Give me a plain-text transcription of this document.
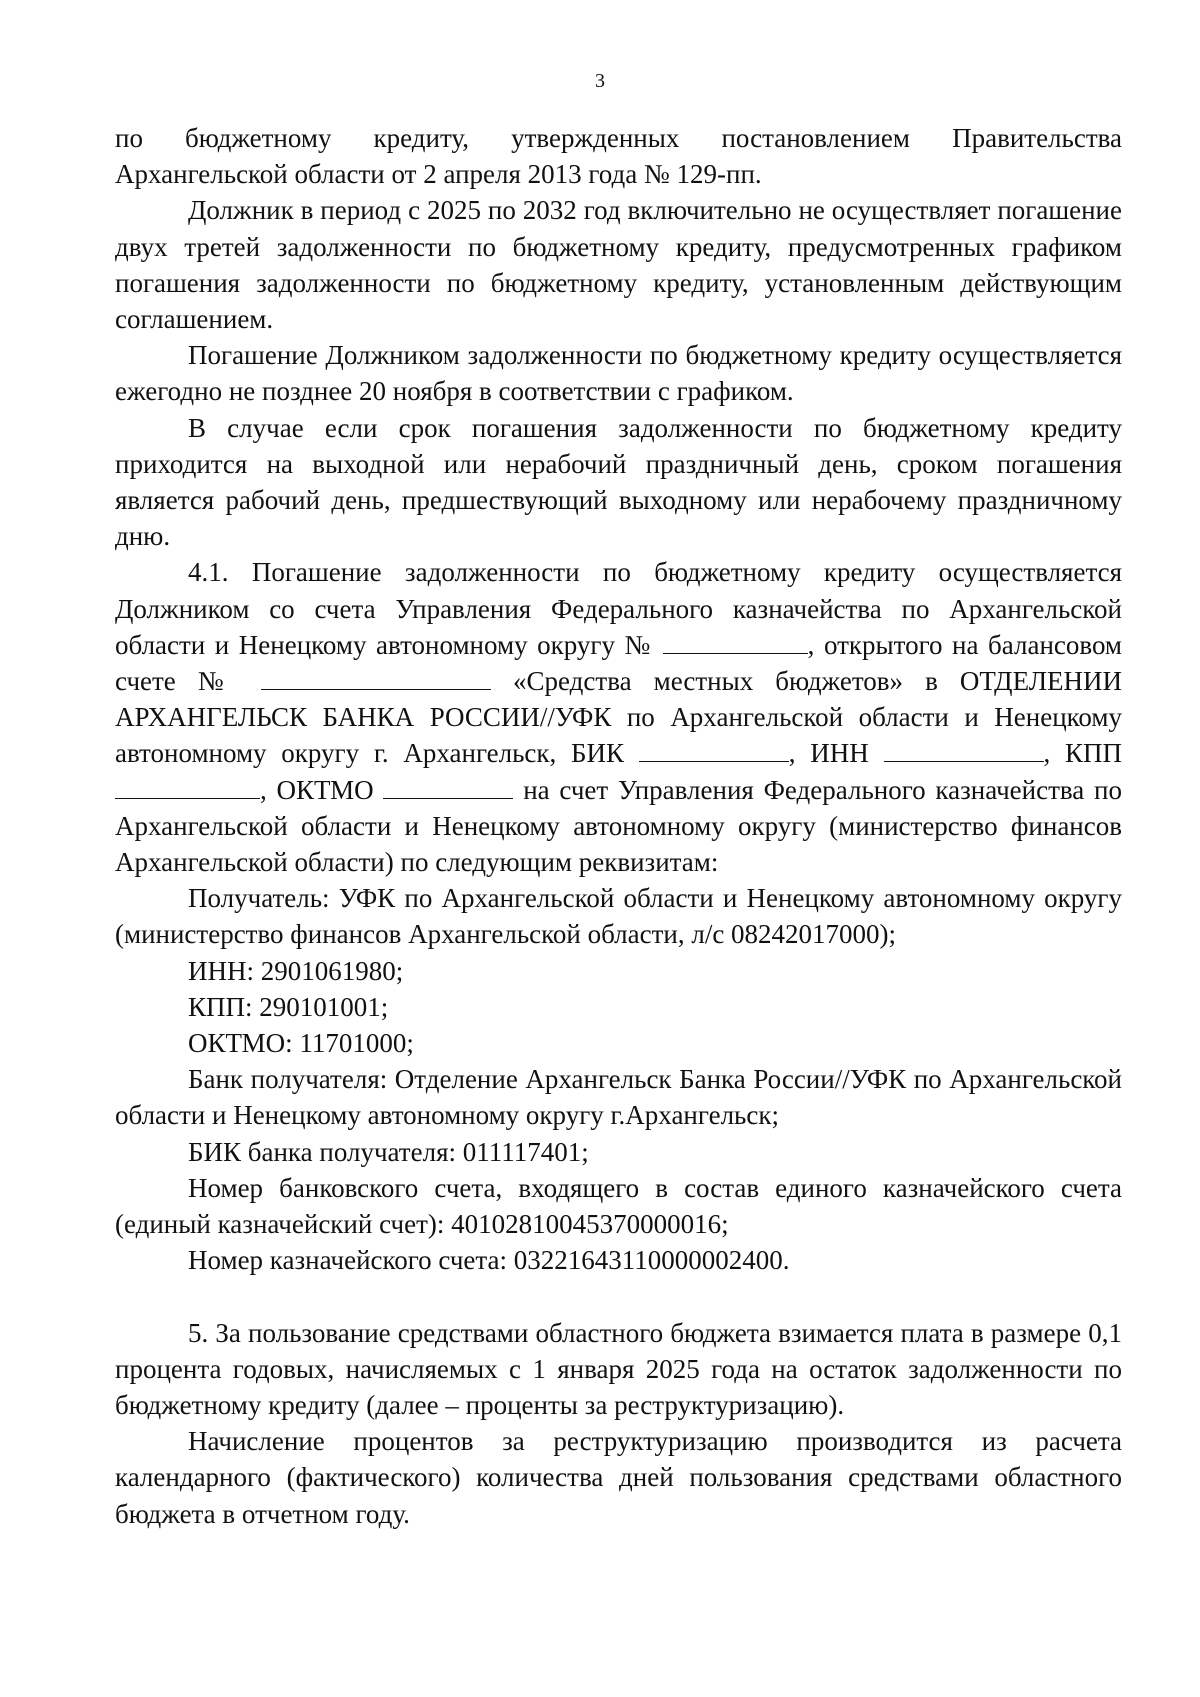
3

по бюджетному кредиту, утвержденных постановлением Правительства Архангельской области от 2 апреля 2013 года № 129-пп.

Должник в период с 2025 по 2032 год включительно не осуществляет погашение двух третей задолженности по бюджетному кредиту, предусмотренных графиком погашения задолженности по бюджетному кредиту, установленным действующим соглашением.

Погашение Должником задолженности по бюджетному кредиту осуществляется ежегодно не позднее 20 ноября в соответствии с графиком.

В случае если срок погашения задолженности по бюджетному кредиту приходится на выходной или нерабочий праздничный день, сроком погашения является рабочий день, предшествующий выходному или нерабочему праздничному дню.

4.1. Погашение задолженности по бюджетному кредиту осуществляется Должником со счета Управления Федерального казначейства по Архангельской области и Ненецкому автономному округу №	, открытого на балансовом счете №	«Средства местных бюджетов» в ОТДЕЛЕНИИ АРХАНГЕЛЬСК БАНКА РОССИИ//УФК по Архангельской области и Ненецкому автономному округу г. Архангельск, БИК	, ИНН	, КПП , ОКТМО	на счет Управления Федерального казначейства по Архангельской области и Ненецкому автономному округу (министерство финансов Архангельской области) по следующим реквизитам:

Получатель: УФК по Архангельской области и Ненецкому автономному округу (министерство финансов Архангельской области, л/с 08242017000);

ИНН: 2901061980;

КПП: 290101001;

ОКТМО: 11701000;

Банк получателя: Отделение Архангельск Банка России//УФК по Архангельской области и Ненецкому автономному округу г.Архангельск;

БИК банка получателя: 011117401;

Номер банковского счета, входящего в состав единого казначейского счета (единый казначейский счет): 40102810045370000016;

Номер казначейского счета: 03221643110000002400.

5. За пользование средствами областного бюджета взимается плата в размере 0,1 процента годовых, начисляемых с 1 января 2025 года на остаток задолженности по бюджетному кредиту (далее – проценты за реструктуризацию).

Начисление процентов за реструктуризацию производится из расчета календарного (фактического) количества дней пользования средствами областного бюджета в отчетном году.
